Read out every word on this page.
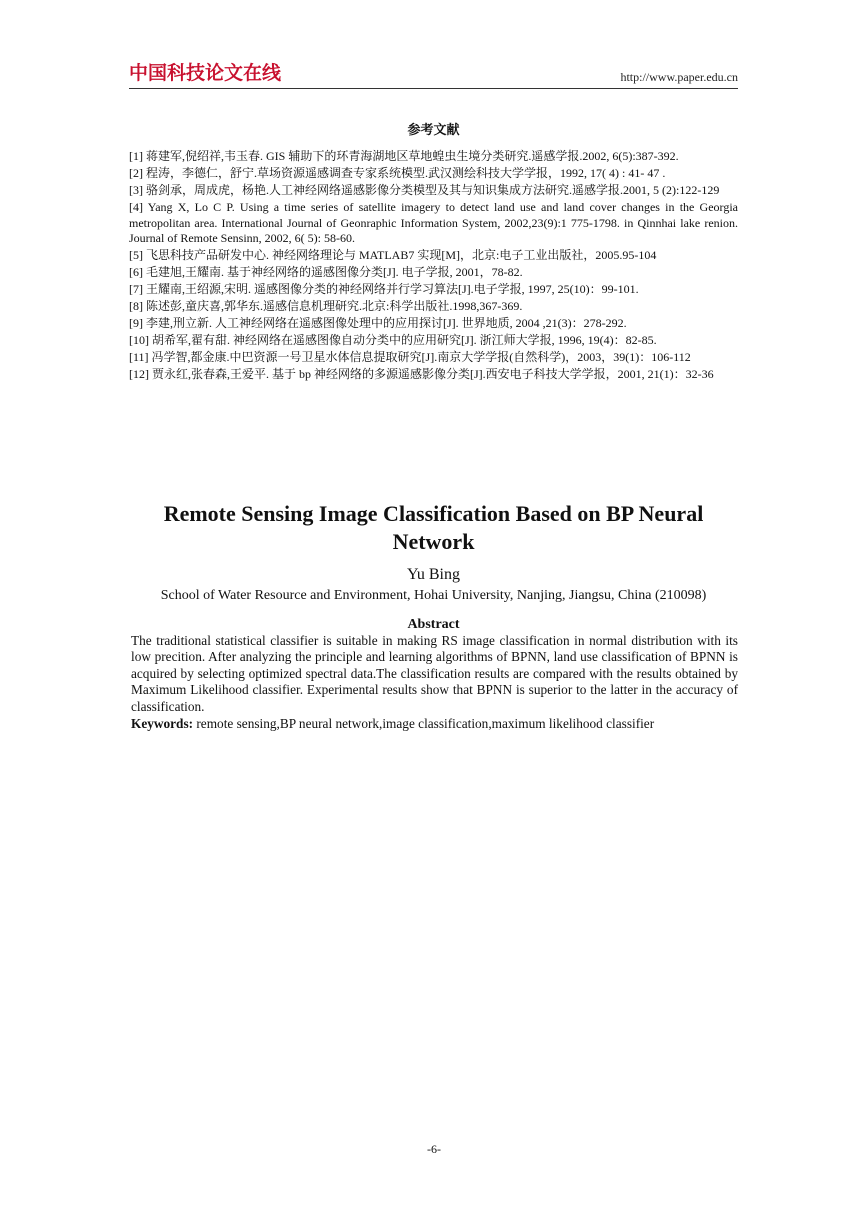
中国科技论文在线	http://www.paper.edu.cn
参考文献

[1] 蒋建军,倪绍祥,韦玉春. GIS 辅助下的环青海湖地区草地蝗虫生境分类研究.遥感学报.2002, 6(5):387-392.

[2] 程涛，李德仁，舒宁.草场资源遥感调查专家系统模型.武汉测绘科技大学学报，1992, 17( 4) : 41- 47 .

[3] 骆剑承，周成虎，杨艳.人工神经网络遥感影像分类模型及其与知识集成方法研究.遥感学报.2001, 5 (2):122-129

[4] Yang X, Lo C P. Using a time series of satellite imagery to detect land use and land cover changes in the Georgia metropolitan area. International Journal of Geonraphic Information System, 2002,23(9):1 775-1798. in Qinnhai lake renion. Journal of Remote Sensinn, 2002, 6( 5): 58-60.

[5] 飞思科技产品研发中心. 神经网络理论与 MATLAB7 实现[M]，北京:电子工业出版社，2005.95-104

[6] 毛建旭,王耀南. 基于神经网络的遥感图像分类[J]. 电子学报, 2001，78-82.

[7] 王耀南,王绍源,宋明. 遥感图像分类的神经网络并行学习算法[J].电子学报, 1997, 25(10)：99-101.

[8] 陈述彭,童庆喜,郭华东.遥感信息机理研究.北京:科学出版社.1998,367-369.

[9] 李建,刑立新. 人工神经网络在遥感图像处理中的应用探讨[J]. 世界地质, 2004 ,21(3)：278-292.

[10] 胡希军,翟有甜. 神经网络在遥感图像自动分类中的应用研究[J]. 浙江师大学报, 1996, 19(4)：82-85.

[11] 冯学智,都金康.中巴资源一号卫星水体信息提取研究[J].南京大学学报(自然科学)，2003，39(1)：106-112

[12] 贾永红,张春森,王爱平. 基于 bp 神经网络的多源遥感影像分类[J].西安电子科技大学学报，2001, 21(1)：32-36

Remote Sensing Image Classification Based on BP Neural Network
Yu Bing
School of Water Resource and Environment, Hohai University, Nanjing, Jiangsu, China (210098)
Abstract
The traditional statistical classifier is suitable in making RS image classification in normal distribution with its low precition. After analyzing the principle and learning algorithms of BPNN, land use classification of BPNN is acquired by selecting optimized spectral data.The classification results are compared with the results obtained by Maximum Likelihood classifier. Experimental results show that BPNN is superior to the latter in the accuracy of classification.
Keywords: remote sensing,BP neural network,image classification,maximum likelihood classifier
-6-
